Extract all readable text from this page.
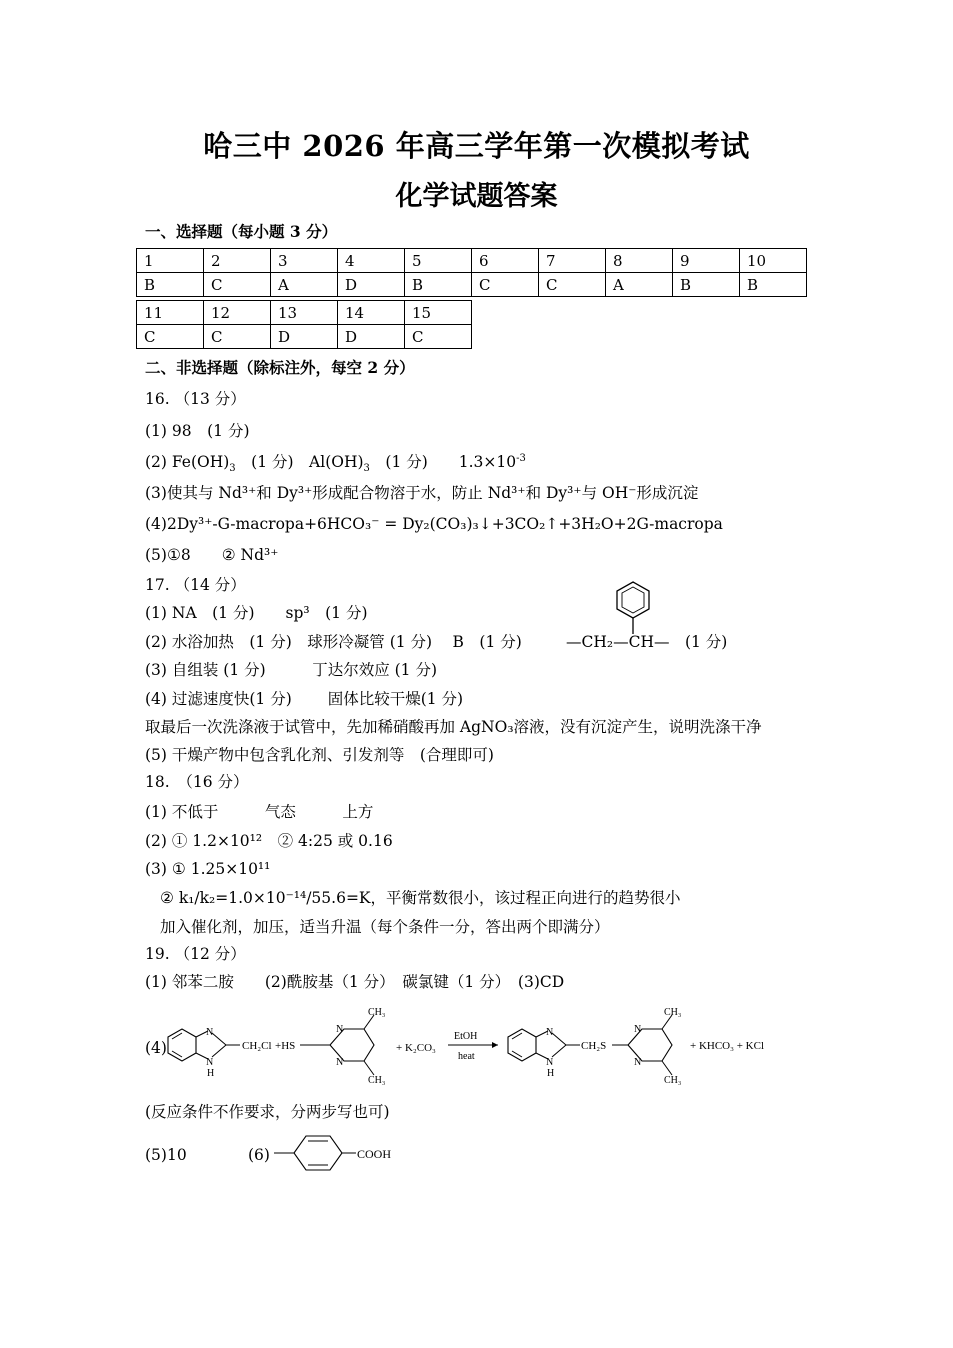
哈三中 2026 年高三学年第一次模拟考试
化学试题答案
一、选择题（每小题 3 分）
1	2	3	4	5	6	7	8	9	10
B	C	A	D	B	C	C	A	B	B
11	12	13	14	15
C	C	D	D	C
二、非选择题（除标注外，每空 2 分）
16. （13 分）
(1) 98　(1 分)
(2) $Fe(OH)_3$　(1 分)　$Al(OH)_3$　(1 分)　　$1.3\times 10^{-3}$
(3)使其与 Nd³⁺和 Dy³⁺形成配合物溶于水，防止 Nd³⁺和 Dy³⁺与 OH⁻形成沉淀
(4)2Dy³⁺-G-macropa+6HCO₃⁻ = Dy₂(CO₃)₃↓+3CO₂↑+3H₂O+2G-macropa
(5)①8　　② Nd³⁺
17. （14 分）
(1) NA　(1 分)　　sp³　(1 分)
(2) 水浴加热　(1 分)　球形冷凝管 (1 分)　 B　(1 分)	—CH₂—CH—　(1 分)
(3) 自组装 (1 分)　　　丁达尔效应 (1 分)
(4) 过滤速度快(1 分)　　 固体比较干燥(1 分)
取最后一次洗涤液于试管中，先加稀硝酸再加 AgNO₃溶液，没有沉淀产生，说明洗涤干净
(5) 干燥产物中包含乳化剂、引发剂等　(合理即可)
18.　（16 分）
(1) 不低于　　　气态　　　上方
(2) ① 1.2×10¹²　② 4:25 或 0.16
(3) ① 1.25×10¹¹
② k₁/k₂=1.0×10⁻¹⁴/55.6=K，平衡常数很小，该过程正向进行的趋势很小
加入催化剂，加压，适当升温（每个条件一分，答出两个即满分）
19. （12 分）
(1) 邻苯二胺　　(2)酰胺基（1 分）　碳氯键（1 分）　(3)CD
(4)
N
N
H
CH₂Cl +HS
N
N
CH₃
CH₃
+ K₂CO₃
EtOH
heat
N
N
H
CH₂S
N
N
CH₃
CH₃
+ KHCO₃ + KCl
(反应条件不作要求，分两步写也可)
(5)10	(6)	COOH
